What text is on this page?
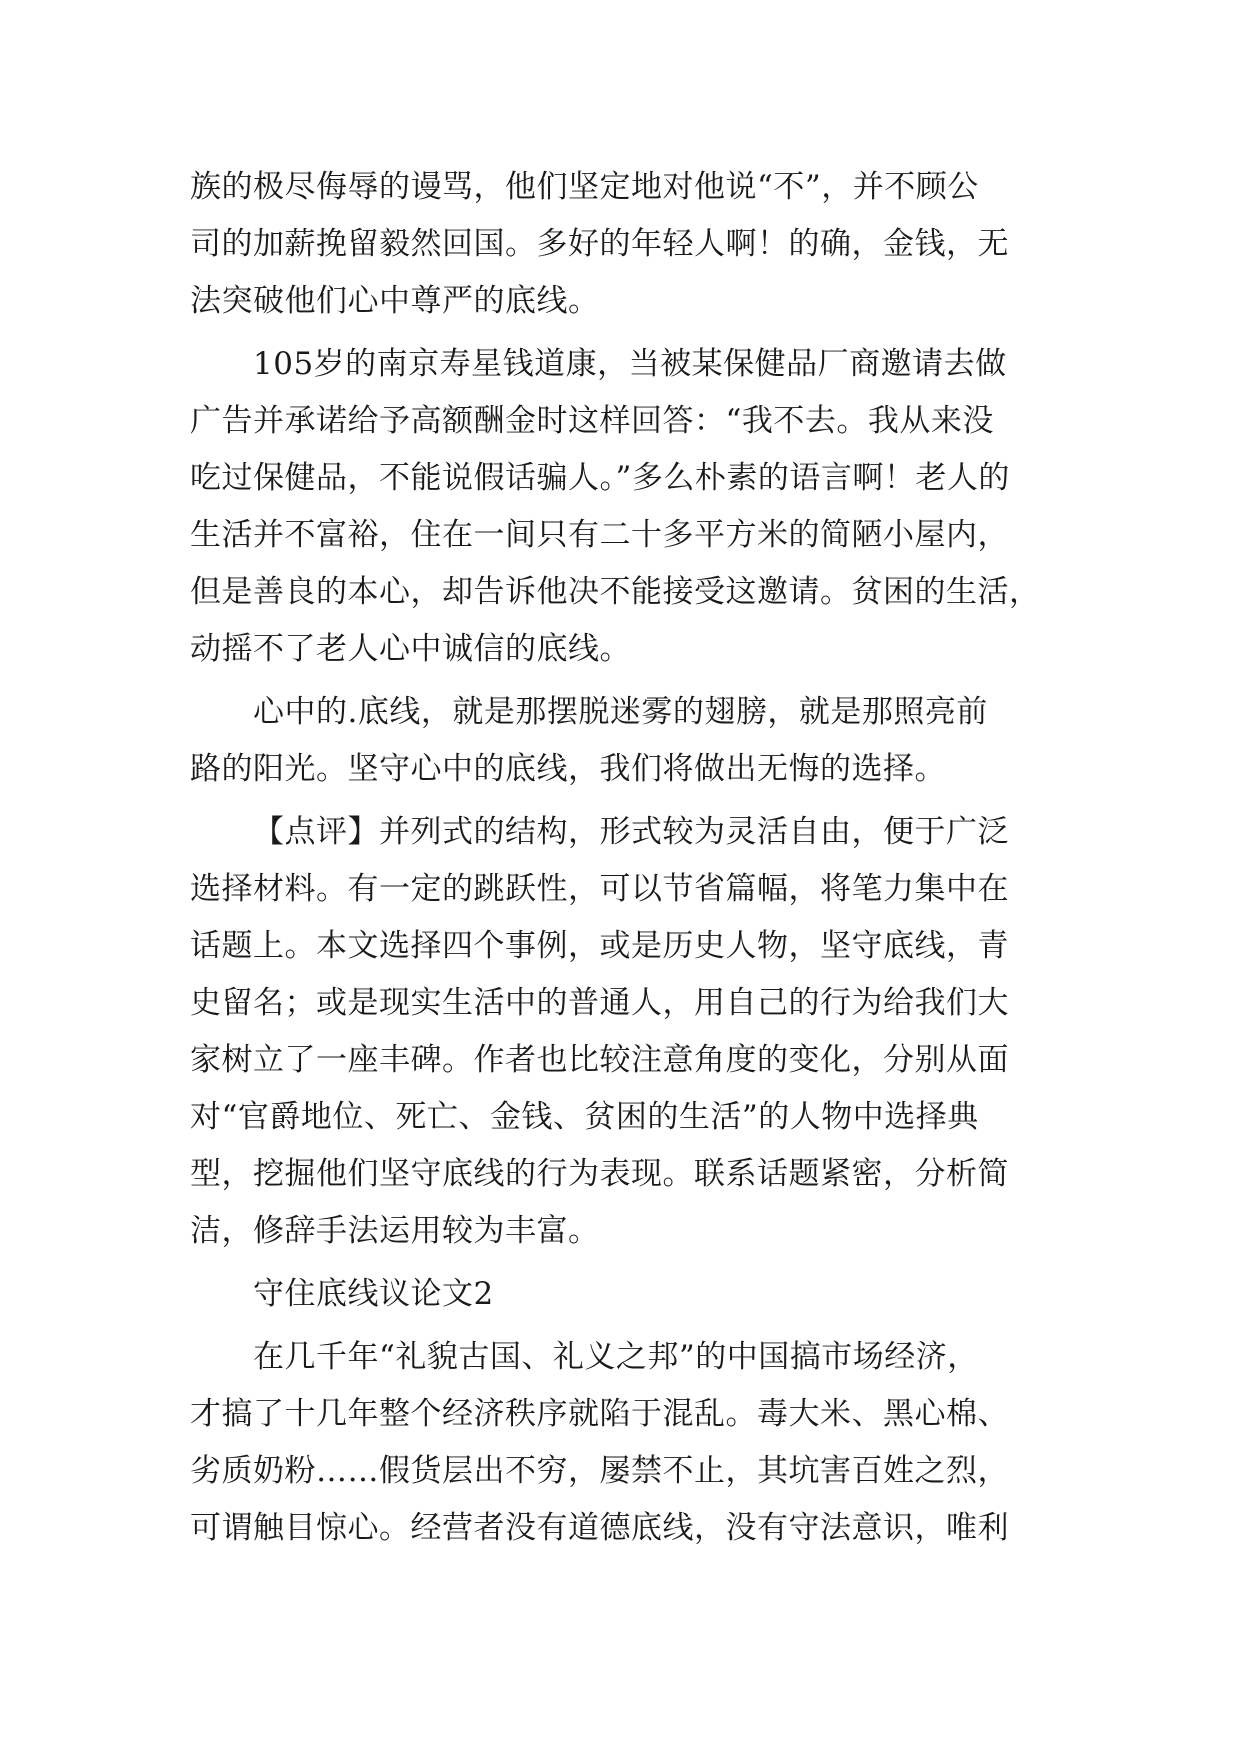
族的极尽侮辱的谩骂，他们坚定地对他说“不”，并不顾公
司的加薪挽留毅然回国。多好的年轻人啊！的确，金钱，无
法突破他们心中尊严的底线。
105岁的南京寿星钱道康，当被某保健品厂商邀请去做
广告并承诺给予高额酬金时这样回答：“我不去。我从来没
吃过保健品，不能说假话骗人。”多么朴素的语言啊！老人的
生活并不富裕，住在一间只有二十多平方米的简陋小屋内，
但是善良的本心，却告诉他决不能接受这邀请。贫困的生活，
动摇不了老人心中诚信的底线。
心中的.底线，就是那摆脱迷雾的翅膀，就是那照亮前
路的阳光。坚守心中的底线，我们将做出无悔的选择。
【点评】并列式的结构，形式较为灵活自由，便于广泛
选择材料。有一定的跳跃性，可以节省篇幅，将笔力集中在
话题上。本文选择四个事例，或是历史人物，坚守底线，青
史留名；或是现实生活中的普通人，用自己的行为给我们大
家树立了一座丰碑。作者也比较注意角度的变化，分别从面
对“官爵地位、死亡、金钱、贫困的生活”的人物中选择典
型，挖掘他们坚守底线的行为表现。联系话题紧密，分析简
洁，修辞手法运用较为丰富。
守住底线议论文2
在几千年“礼貌古国、礼义之邦”的中国搞市场经济，
才搞了十几年整个经济秩序就陷于混乱。毒大米、黑心棉、
劣质奶粉……假货层出不穷，屡禁不止，其坑害百姓之烈，
可谓触目惊心。经营者没有道德底线，没有守法意识，唯利
